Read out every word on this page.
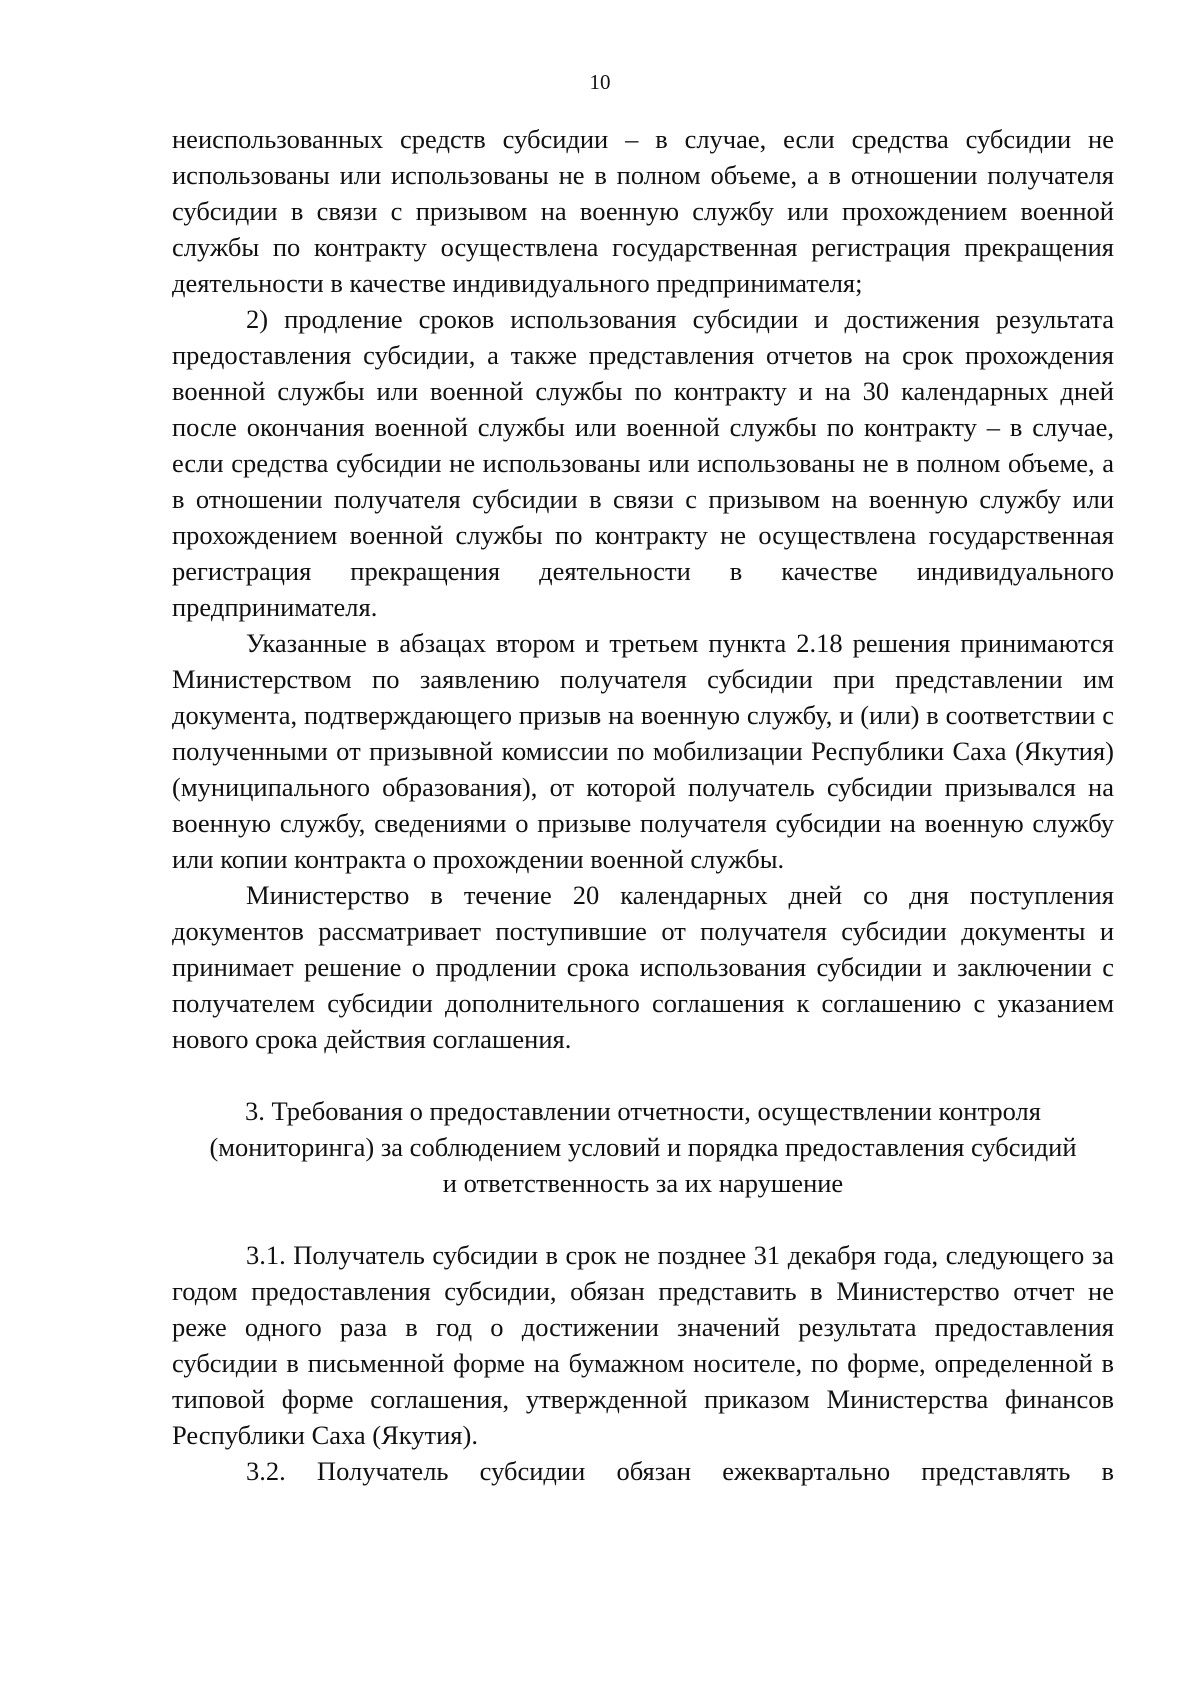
10

неиспользованных средств субсидии – в случае, если средства субсидии не использованы или использованы не в полном объеме, а в отношении получателя субсидии в связи с призывом на военную службу или прохождением военной службы по контракту осуществлена государственная регистрация прекращения деятельности в качестве индивидуального предпринимателя;

2) продление сроков использования субсидии и достижения результата предоставления субсидии, а также представления отчетов на срок прохождения военной службы или военной службы по контракту и на 30 календарных дней после окончания военной службы или военной службы по контракту – в случае, если средства субсидии не использованы или использованы не в полном объеме, а в отношении получателя субсидии в связи с призывом на военную службу или прохождением военной службы по контракту не осуществлена государственная регистрация прекращения деятельности в качестве индивидуального предпринимателя.

Указанные в абзацах втором и третьем пункта 2.18 решения принимаются Министерством по заявлению получателя субсидии при представлении им документа, подтверждающего призыв на военную службу, и (или) в соответствии с полученными от призывной комиссии по мобилизации Республики Саха (Якутия) (муниципального образования), от которой получатель субсидии призывался на военную службу, сведениями о призыве получателя субсидии на военную службу или копии контракта о прохождении военной службы.

Министерство в течение 20 календарных дней со дня поступления документов рассматривает поступившие от получателя субсидии документы и принимает решение о продлении срока использования субсидии и заключении с получателем субсидии дополнительного соглашения к соглашению с указанием нового срока действия соглашения.

3. Требования о предоставлении отчетности, осуществлении контроля
(мониторинга) за соблюдением условий и порядка предоставления субсидий
и ответственность за их нарушение

3.1. Получатель субсидии в срок не позднее 31 декабря года, следующего за годом предоставления субсидии, обязан представить в Министерство отчет не реже одного раза в год о достижении значений результата предоставления субсидии в письменной форме на бумажном носителе, по форме, определенной в типовой форме соглашения, утвержденной приказом Министерства финансов Республики Саха (Якутия).

3.2. Получатель субсидии обязан ежеквартально представлять в
